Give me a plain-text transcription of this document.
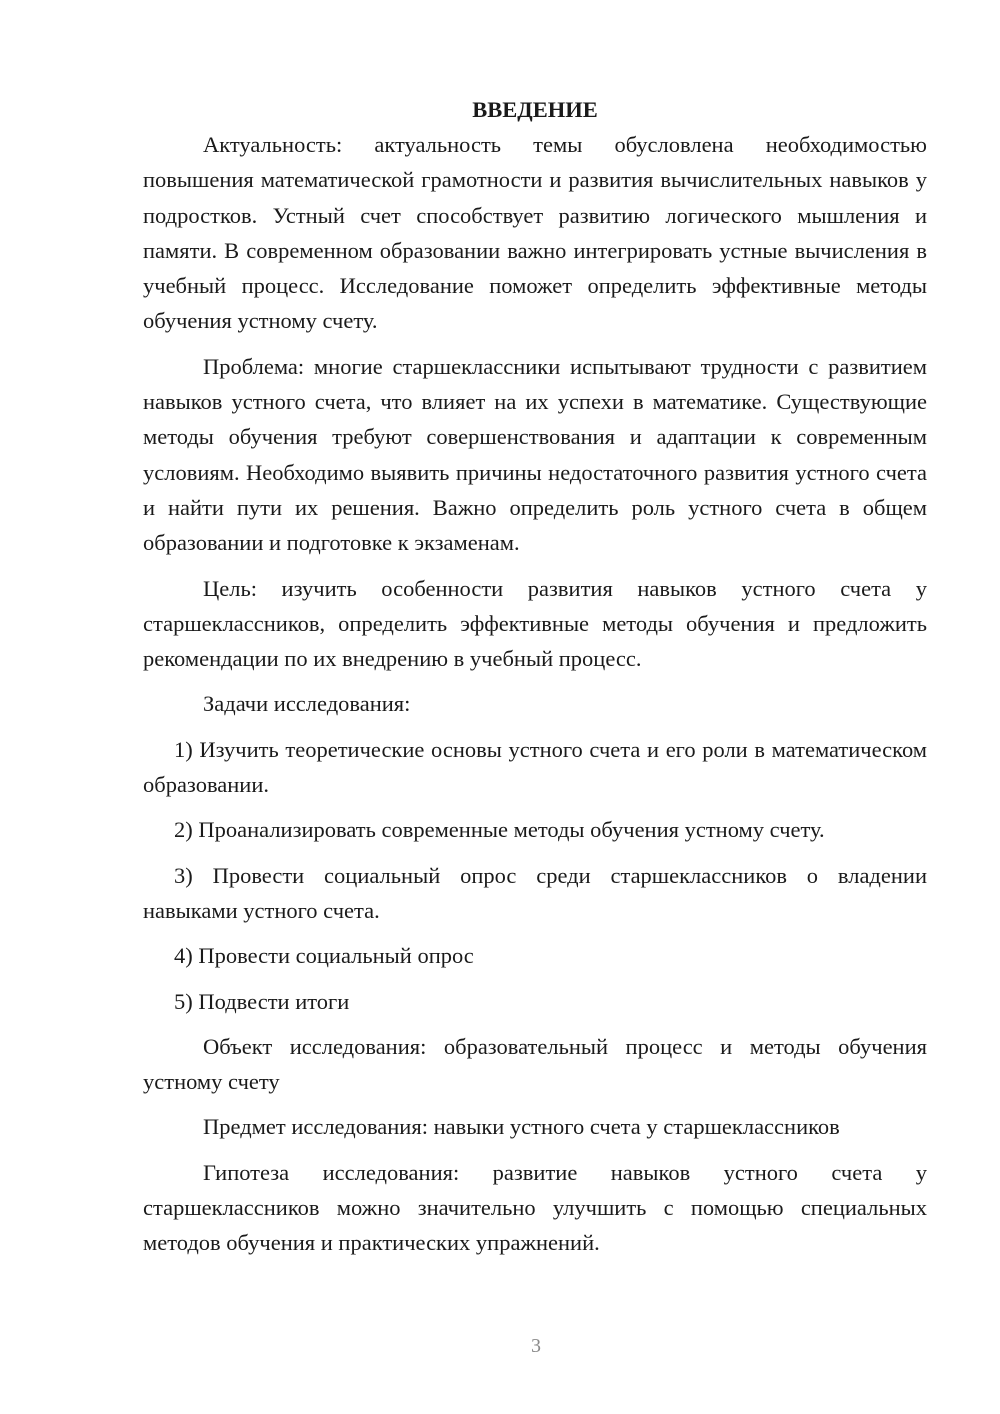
ВВЕДЕНИЕ

Актуальность: актуальность темы обусловлена необходимостью повышения математической грамотности и развития вычислительных навыков у подростков. Устный счет способствует развитию логического мышления и памяти. В современном образовании важно интегрировать устные вычисления в учебный процесс. Исследование поможет определить эффективные методы обучения устному счету.

Проблема: многие старшеклассники испытывают трудности с развитием навыков устного счета, что влияет на их успехи в математике. Существующие методы обучения требуют совершенствования и адаптации к современным условиям. Необходимо выявить причины недостаточного развития устного счета и найти пути их решения. Важно определить роль устного счета в общем образовании и подготовке к экзаменам.

Цель: изучить особенности развития навыков устного счета у старшеклассников, определить эффективные методы обучения и предложить рекомендации по их внедрению в учебный процесс.

Задачи исследования:

1) Изучить теоретические основы устного счета и его роли в математическом образовании.

2) Проанализировать современные методы обучения устному счету.

3) Провести социальный опрос среди старшеклассников о владении навыками устного счета.

4) Провести социальный опрос

5) Подвести итоги

Объект исследования: образовательный процесс и методы обучения устному счету

Предмет исследования: навыки устного счета у старшеклассников

Гипотеза исследования: развитие навыков устного счета у старшеклассников можно значительно улучшить с помощью специальных методов обучения и практических упражнений.

3
